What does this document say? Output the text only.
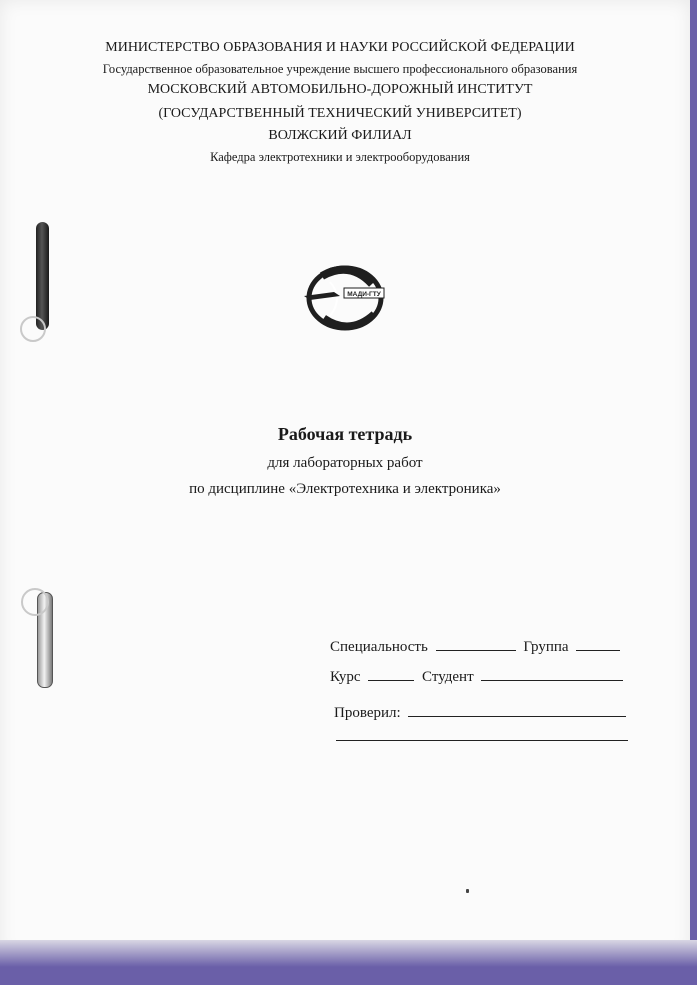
МИНИСТЕРСТВО ОБРАЗОВАНИЯ И НАУКИ РОССИЙСКОЙ ФЕДЕРАЦИИ
Государственное образовательное учреждение высшего профессионального образования
МОСКОВСКИЙ АВТОМОБИЛЬНО-ДОРОЖНЫЙ ИНСТИТУТ
(ГОСУДАРСТВЕННЫЙ ТЕХНИЧЕСКИЙ УНИВЕРСИТЕТ)
ВОЛЖСКИЙ ФИЛИАЛ
Кафедра электротехники и электрооборудования
МАДИ-ГТУ
Рабочая тетрадь
для лабораторных работ
по дисциплине «Электротехника и электроника»
Специальность	Группа
Курс	Студент
Проверил:
